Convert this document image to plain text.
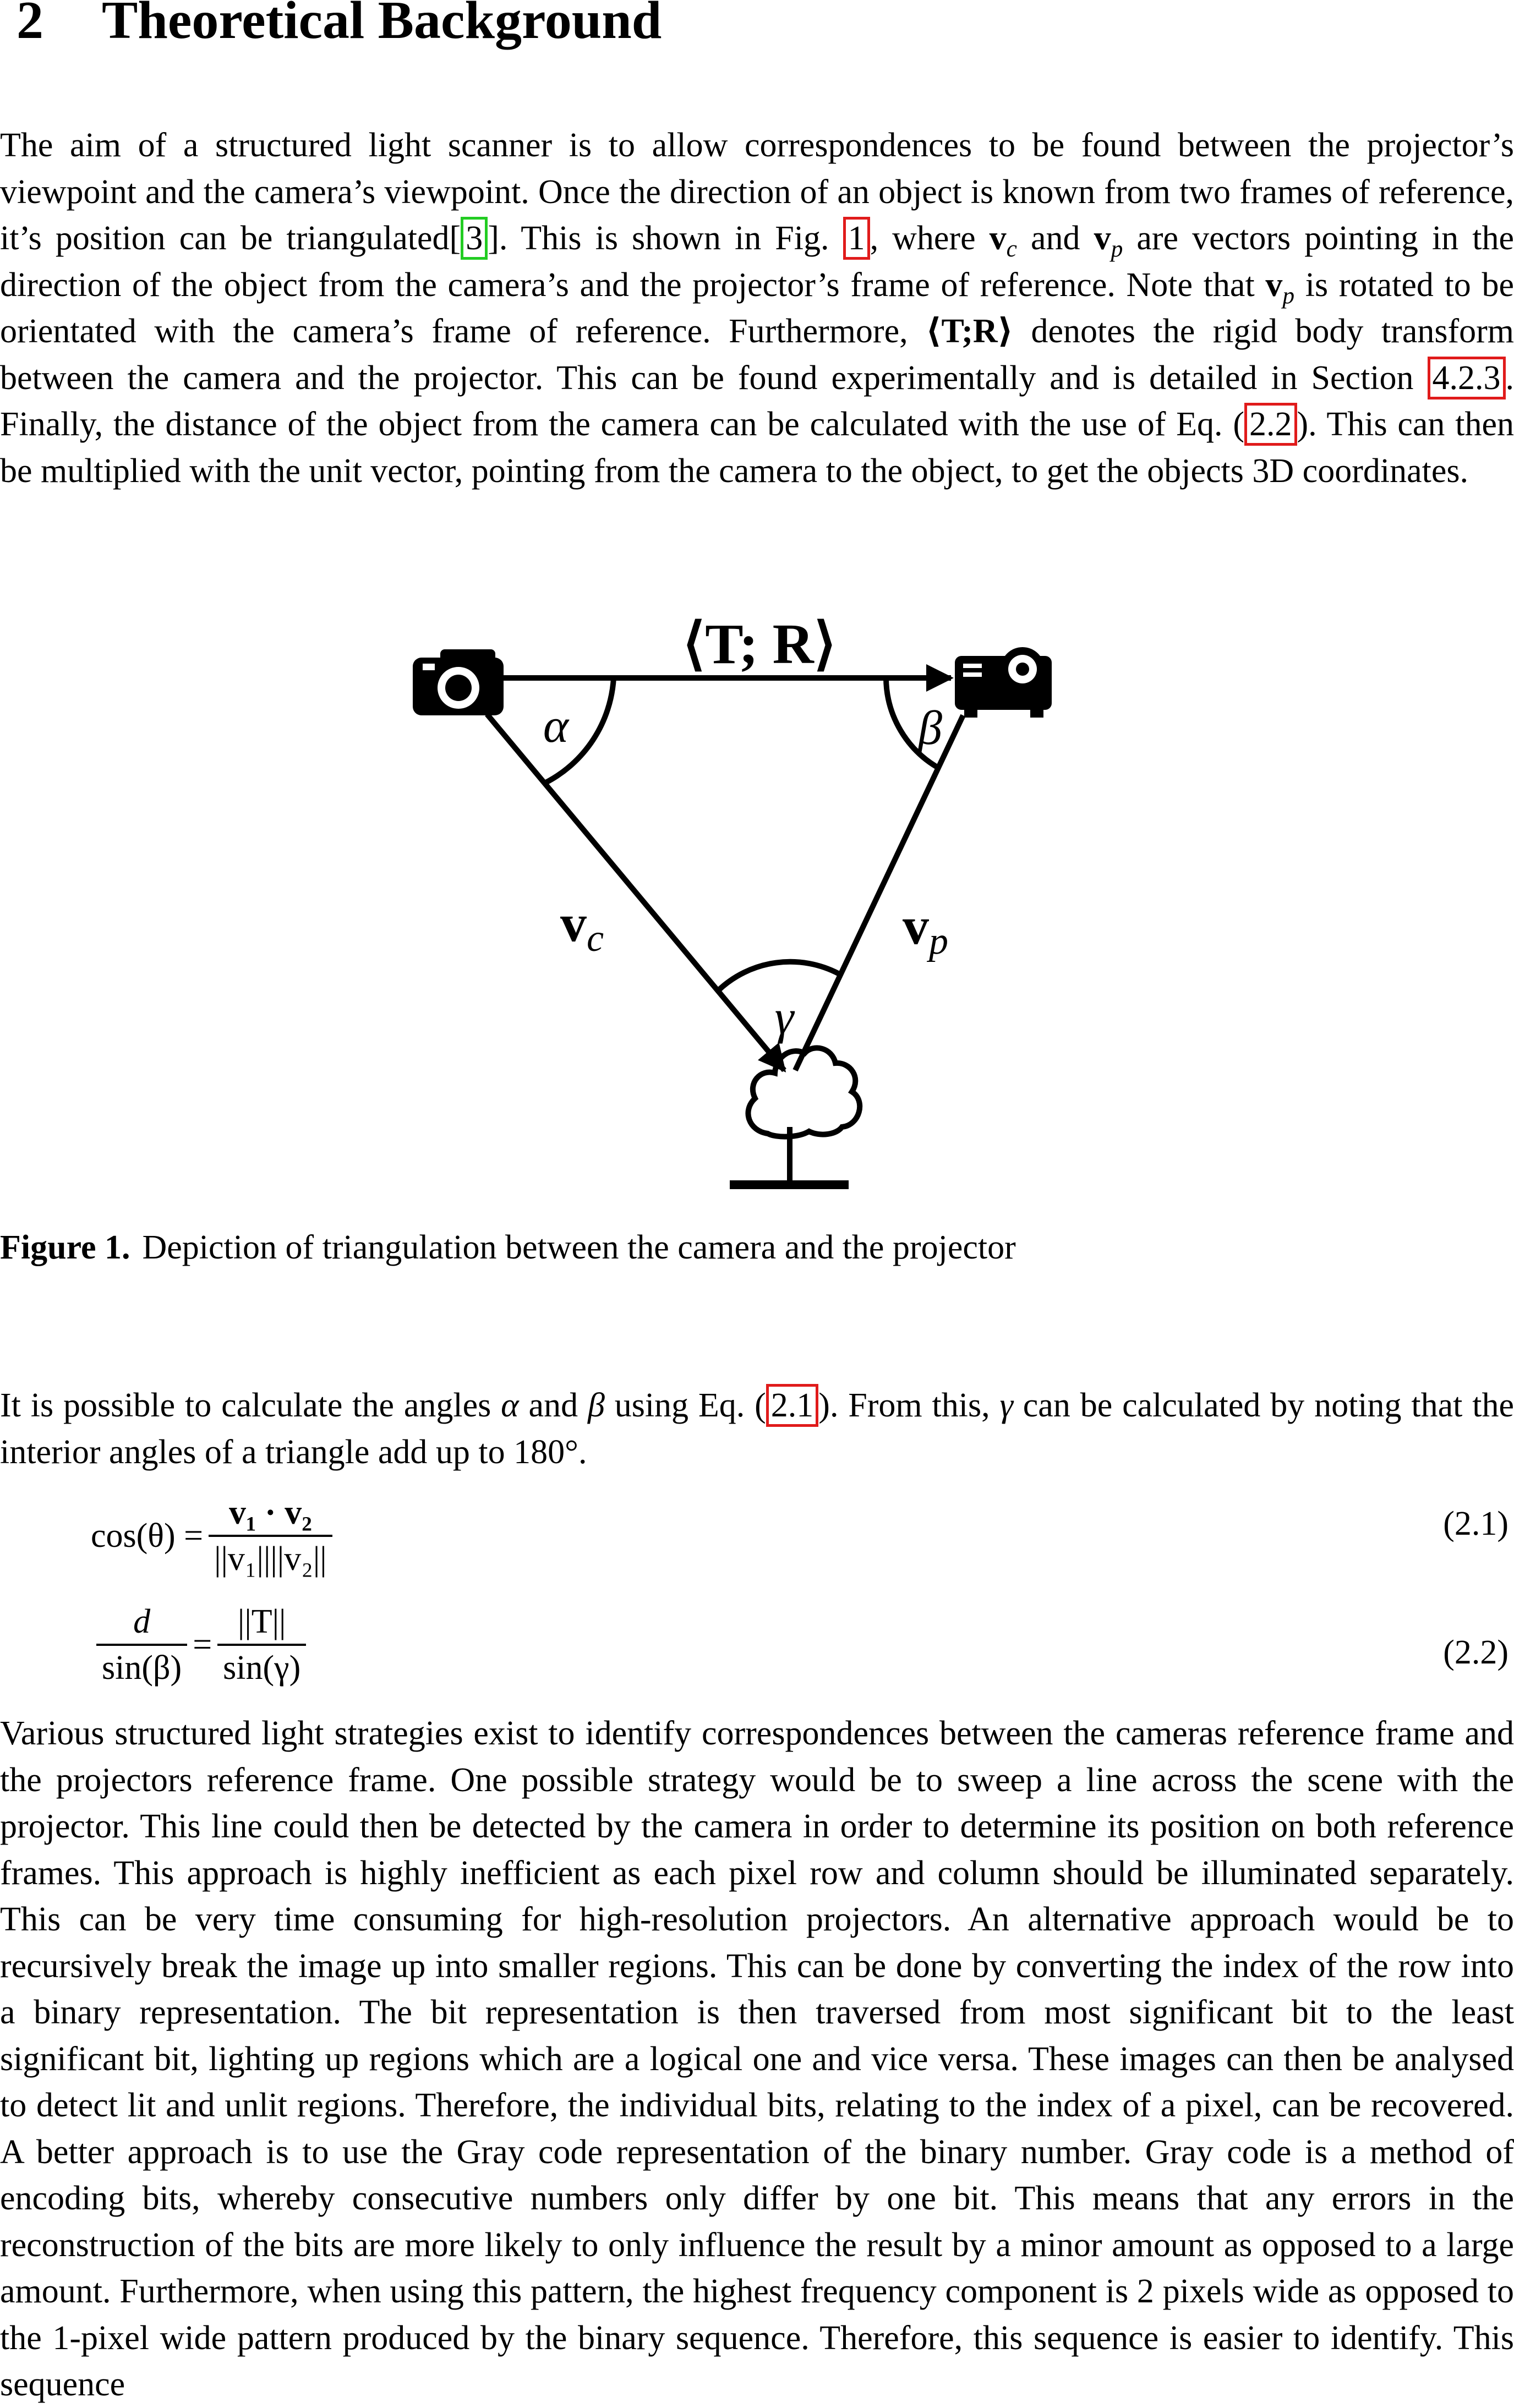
2 Theoretical Background

The aim of a structured light scanner is to allow correspondences to be found between the projector’s viewpoint and the camera’s viewpoint. Once the direction of an object is known from two frames of reference, it’s position can be triangulated[ 3 ]. This is shown in Fig. 1 , where $v_c$ and $v_p$ are vectors pointing in the direction of the object from the camera’s and the projector’s frame of reference. Note that $v_p$ is rotated to be orientated with the camera’s frame of reference. Furthermore, ⟨T;R⟩ denotes the rigid body transform between the camera and the projector. This can be found experimentally and is detailed in Section 4.2.3 . Finally, the distance of the object from the camera can be calculated with the use of Eq. ( 2.2 ). This can then be multiplied with the unit vector, pointing from the camera to the object, to get the objects 3D coordinates.

⟨T; R⟩
α	β
γ
vc	vp

Figure 1. Depiction of triangulation between the camera and the projector

It is possible to calculate the angles α and β using Eq. ( 2.1 ). From this, γ can be calculated by noting that the interior angles of a triangle add up to 180°.

$\cos(\theta) = \frac{\text{v₁ · v₂}}{\text{||v₁||||v₂||}}$	(2.1)
$\frac{d}{\sin(\beta)} = \frac{||T||}{\sin(\gamma)}$	(2.2)

Various structured light strategies exist to identify correspondences between the cameras reference frame and the projectors reference frame. One possible strategy would be to sweep a line across the scene with the projector. This line could then be detected by the camera in order to determine its position on both reference frames. This approach is highly inefficient as each pixel row and column should be illuminated separately. This can be very time consuming for high-resolution projectors. An alternative approach would be to recursively break the image up into smaller regions. This can be done by converting the index of the row into a binary representation. The bit representation is then traversed from most significant bit to the least significant bit, lighting up regions which are a logical one and vice versa. These images can then be analysed to detect lit and unlit regions. Therefore, the individual bits, relating to the index of a pixel, can be recovered. A better approach is to use the Gray code representation of the binary number. Gray code is a method of encoding bits, whereby consecutive numbers only differ by one bit. This means that any errors in the reconstruction of the bits are more likely to only influence the result by a minor amount as opposed to a large amount. Furthermore, when using this pattern, the highest frequency component is 2 pixels wide as opposed to the 1-pixel wide pattern produced by the binary sequence. Therefore, this sequence is easier to identify. This sequence
